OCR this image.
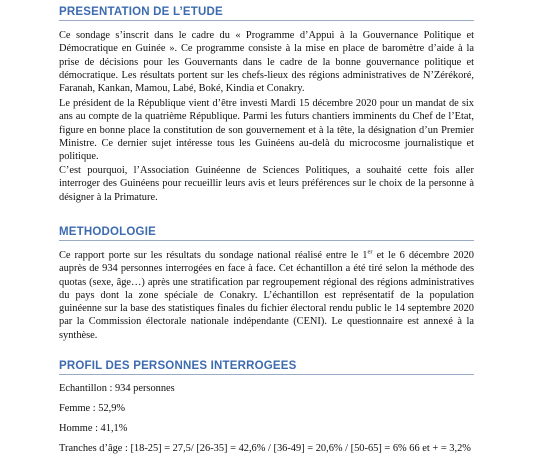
PRESENTATION DE L’ETUDE

Ce sondage s’inscrit dans le cadre du « Programme d’Appui à la Gouvernance Politique et Démocratique en Guinée ». Ce programme consiste à la mise en place de baromètre d’aide à la prise de décisions pour les Gouvernants dans le cadre de la bonne gouvernance politique et démocratique. Les résultats portent sur les chefs-lieux des régions administratives de N’Zérékoré, Faranah, Kankan, Mamou, Labé, Boké, Kindia et Conakry.

Le président de la République vient d’être investi Mardi 15 décembre 2020 pour un mandat de six ans au compte de la quatrième République. Parmi les futurs chantiers imminents du Chef de l’Etat, figure en bonne place la constitution de son gouvernement et à la tête, la désignation d’un Premier Ministre. Ce dernier sujet intéresse tous les Guinéens au-delà du microcosme journalistique et politique.

C’est pourquoi, l’Association Guinéenne de Sciences Politiques, a souhaité cette fois aller interroger des Guinéens pour recueillir leurs avis et leurs préférences sur le choix de la personne à désigner à la Primature.

METHODOLOGIE

Ce rapport porte sur les résultats du sondage national réalisé entre le 1er et le 6 décembre 2020 auprès de 934 personnes interrogées en face à face. Cet échantillon a été tiré selon la méthode des quotas (sexe, âge…) après une stratification par regroupement régional des régions administratives du pays dont la zone spéciale de Conakry. L’échantillon est représentatif de la population guinéenne sur la base des statistiques finales du fichier électoral rendu public le 14 septembre 2020 par la Commission électorale nationale indépendante (CENI). Le questionnaire est annexé à la synthèse.

PROFIL DES PERSONNES INTERROGEES

Echantillon : 934 personnes

Femme : 52,9%

Homme : 41,1%

Tranches d’âge : [18-25] = 27,5/ [26-35] = 42,6% / [36-49] = 20,6% / [50-65] = 6% 66 et + = 3,2%
